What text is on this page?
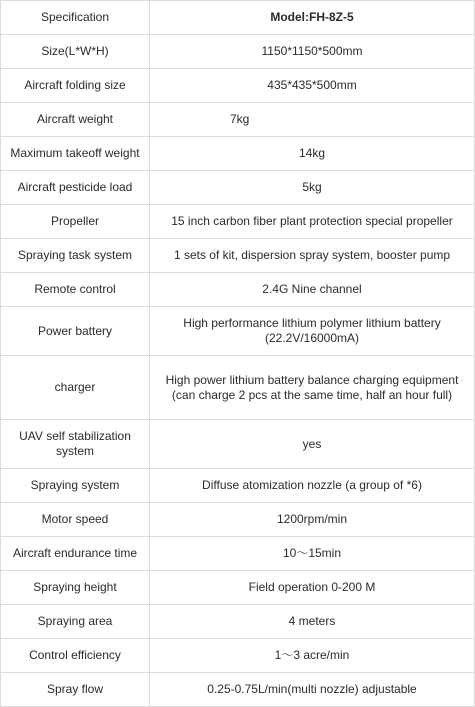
Specification	Model:FH-8Z-5
Size(L*W*H)	1150*1150*500mm
Aircraft folding size	435*435*500mm
Aircraft weight	7kg
Maximum takeoff weight	14kg
Aircraft pesticide load	5kg
Propeller	15 inch carbon fiber plant protection special propeller
Spraying task system	1 sets of kit, dispersion spray system, booster pump
Remote control	2.4G Nine channel
Power battery	High performance lithium polymer lithium battery (22.2V/16000mA)
charger	High power lithium battery balance charging equipment (can charge 2 pcs at the same time, half an hour full)
UAV self stabilization system	yes
Spraying system	Diffuse atomization nozzle (a group of *6)
Motor speed	1200rpm/min
Aircraft endurance time	10～15min
Spraying height	Field operation 0-200 M
Spraying area	4 meters
Control efficiency	1～3 acre/min
Spray flow	0.25-0.75L/min(multi nozzle) adjustable
